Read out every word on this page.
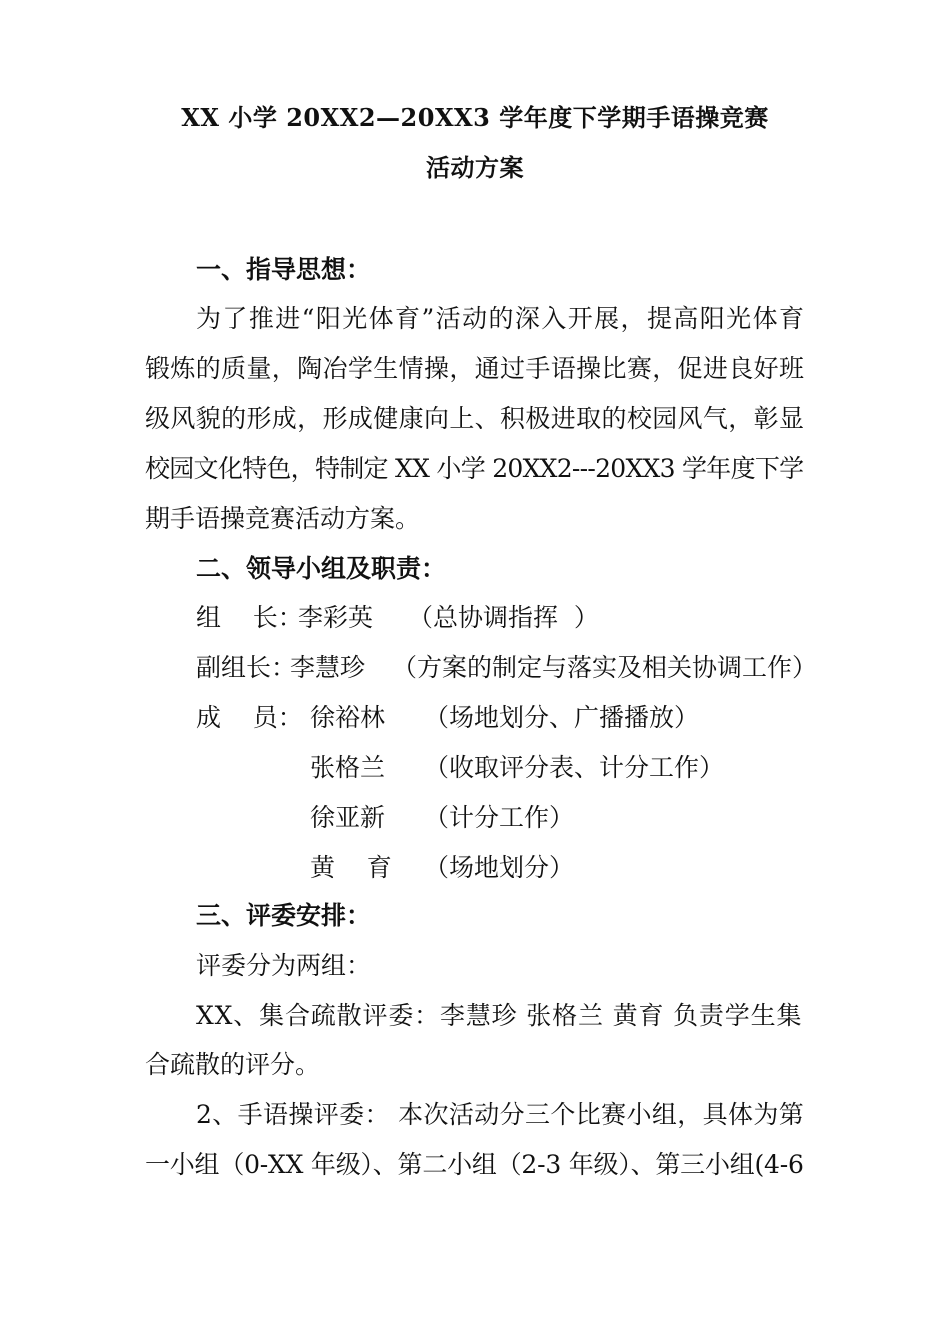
XX 小学 20XX2—20XX3 学年度下学期手语操竞赛
活动方案
一、指导思想：
为了推进“阳光体育”活动的深入开展，提高阳光体育
锻炼的质量，陶冶学生情操，通过手语操比赛，促进良好班
级风貌的形成，形成健康向上、积极进取的校园风气，彰显
校园文化特色，特制定 XX 小学 20XX2---20XX3 学年度下学
期手语操竞赛活动方案。
二、领导小组及职责：
组    长：
李彩英 （总协调指挥  ）
副组长：
李慧珍 （方案的制定与落实及相关协调工作）
成    员： 徐裕林 （场地划分、广播播放）
张格兰 （收取评分表、计分工作）
徐亚新 （计分工作）
黄    育 （场地划分）
三、评委安排：
评委分为两组：
XX、集合疏散评委：李慧珍 张格兰 黄育 负责学生集
合疏散的评分。
2、手语操评委： 本次活动分三个比赛小组，具体为第
一小组（0-XX 年级）、第二小组（2-3 年级）、第三小组(4-6
